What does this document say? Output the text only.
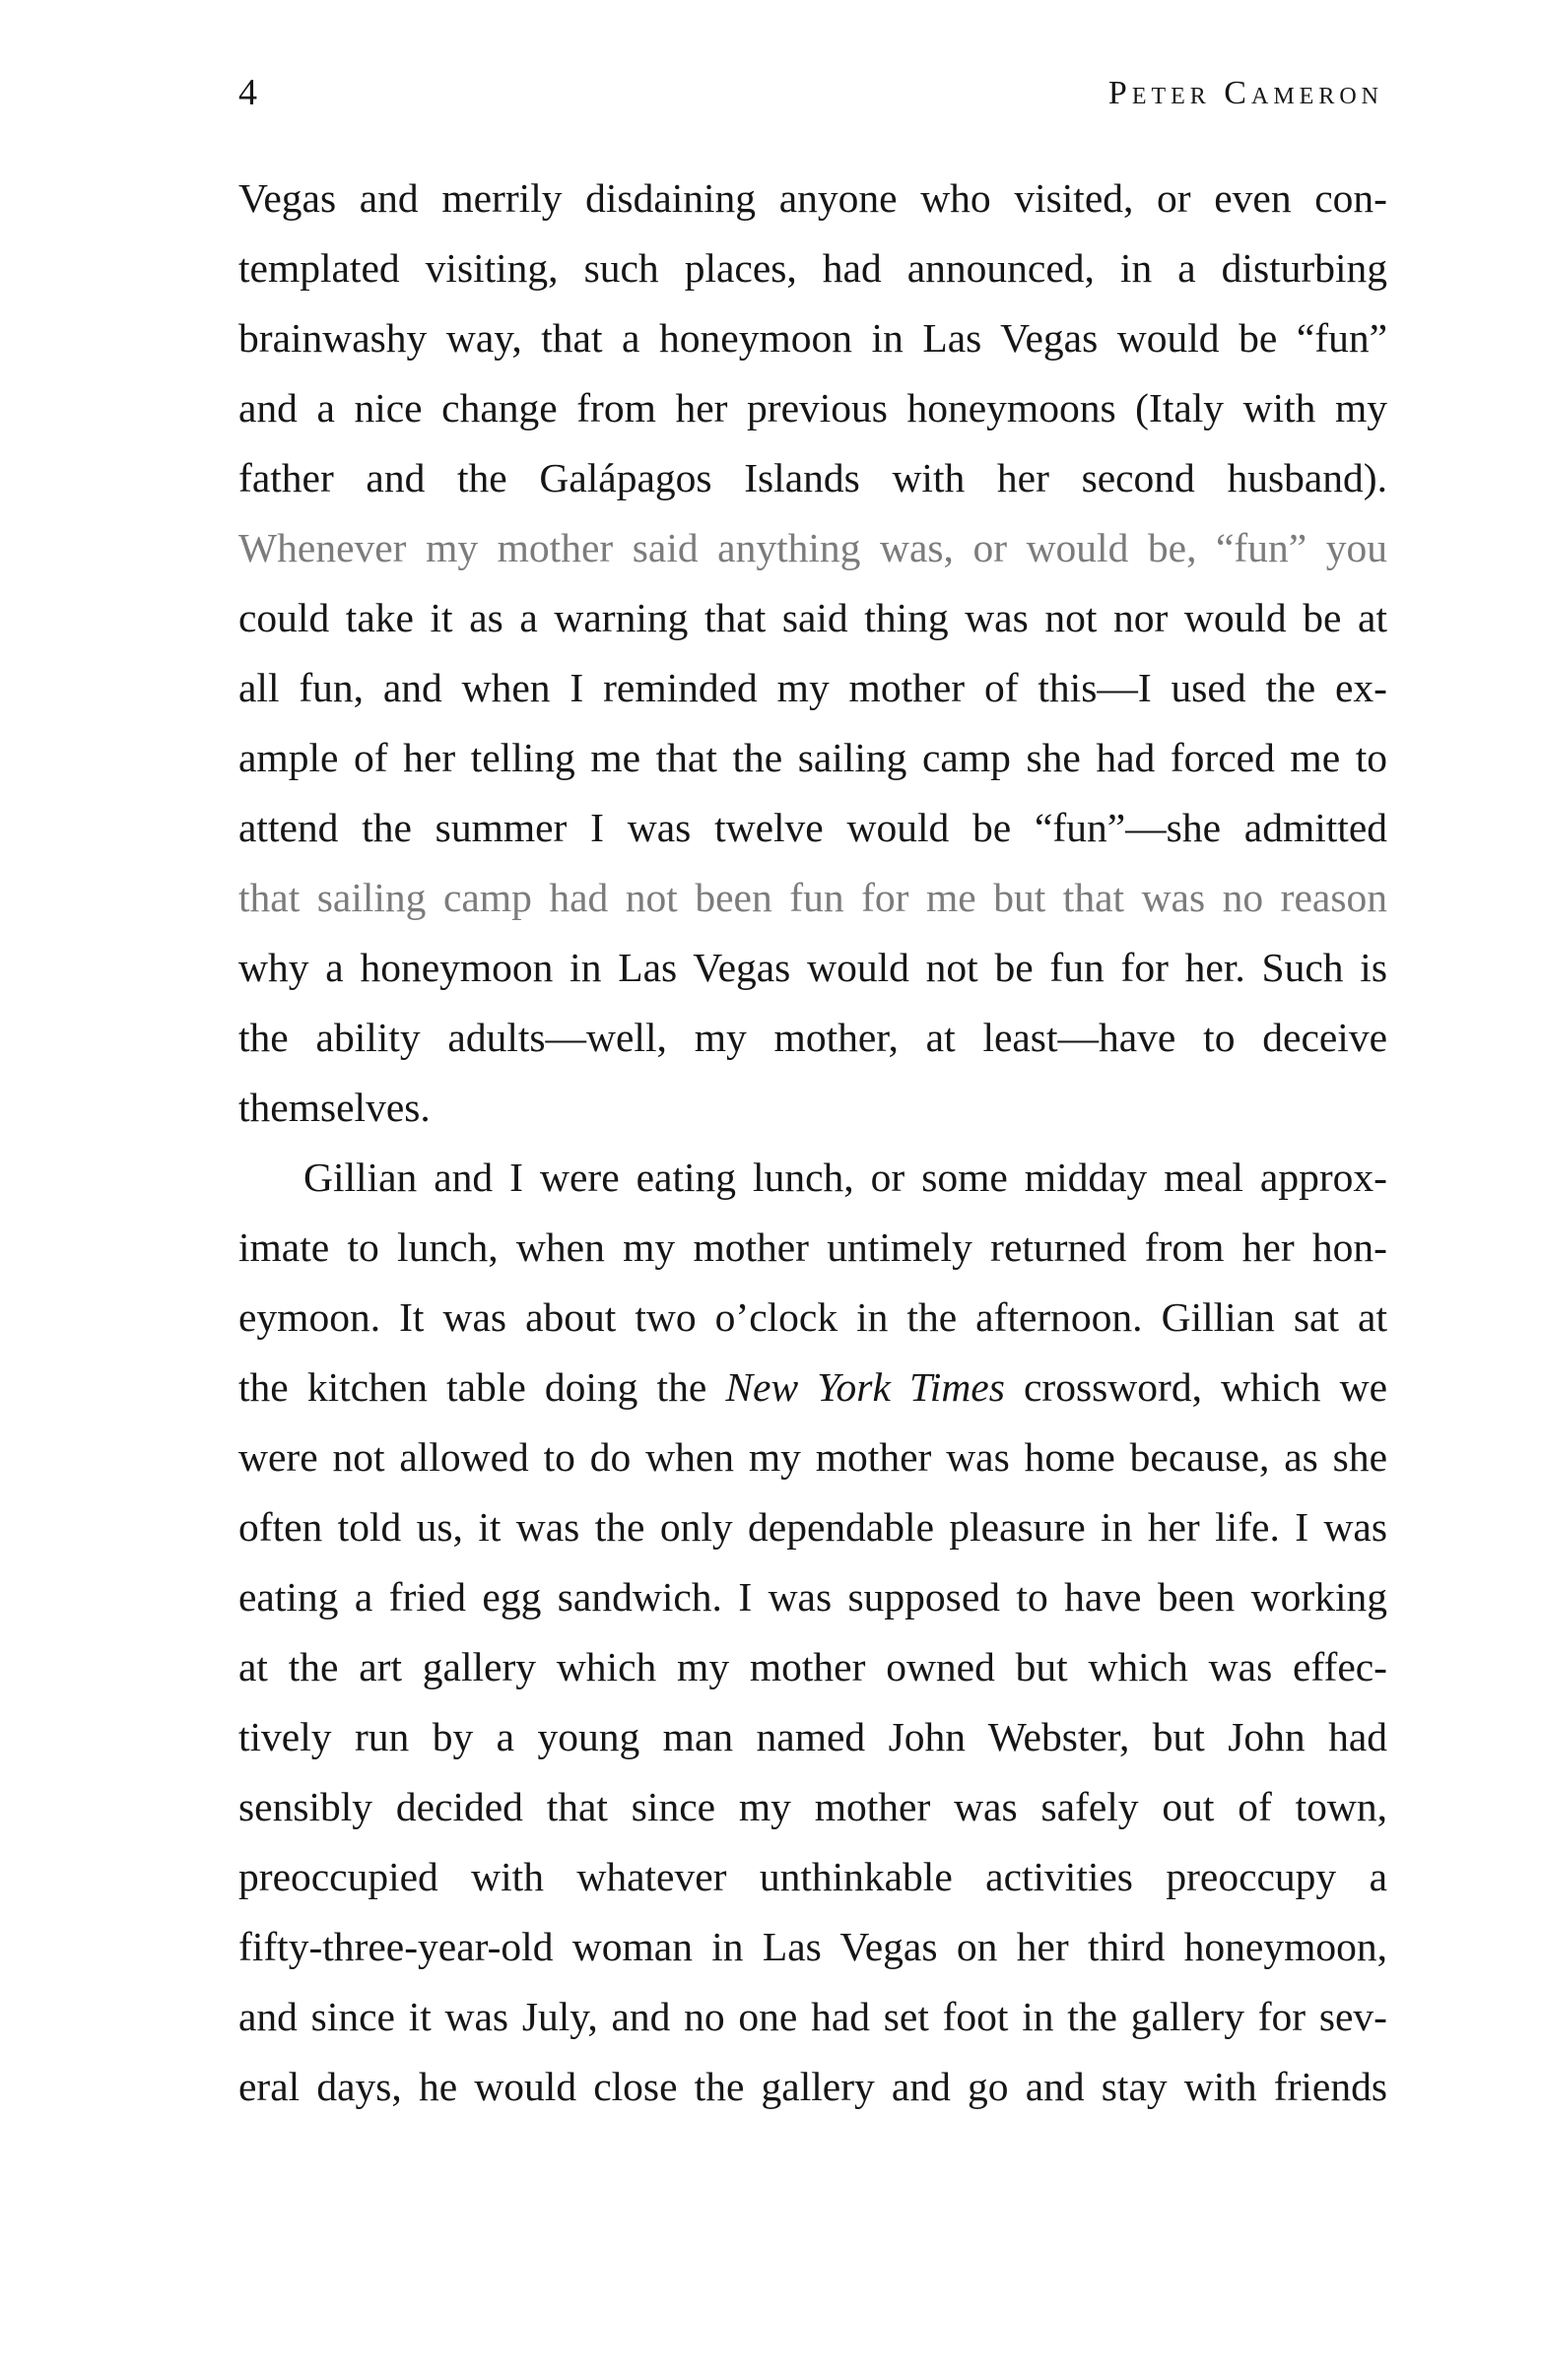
4	Peter Cameron
Vegas and merrily disdaining anyone who visited, or even con-
templated visiting, such places, had announced, in a disturbing
brainwashy way, that a honeymoon in Las Vegas would be “fun”
and a nice change from her previous honeymoons (Italy with my
father and the Galápagos Islands with her second husband).
Whenever my mother said anything was, or would be, “fun” you
could take it as a warning that said thing was not nor would be at
all fun, and when I reminded my mother of this—I used the ex-
ample of her telling me that the sailing camp she had forced me to
attend the summer I was twelve would be “fun”—she admitted
that sailing camp had not been fun for me but that was no reason
why a honeymoon in Las Vegas would not be fun for her. Such is
the ability adults—well, my mother, at least—have to deceive
themselves.
Gillian and I were eating lunch, or some midday meal approx-
imate to lunch, when my mother untimely returned from her hon-
eymoon. It was about two o’clock in the afternoon. Gillian sat at
the kitchen table doing the New York Times crossword, which we
were not allowed to do when my mother was home because, as she
often told us, it was the only dependable pleasure in her life. I was
eating a fried egg sandwich. I was supposed to have been working
at the art gallery which my mother owned but which was effec-
tively run by a young man named John Webster, but John had
sensibly decided that since my mother was safely out of town,
preoccupied with whatever unthinkable activities preoccupy a
fifty-three-year-old woman in Las Vegas on her third honeymoon,
and since it was July, and no one had set foot in the gallery for sev-
eral days, he would close the gallery and go and stay with friends
